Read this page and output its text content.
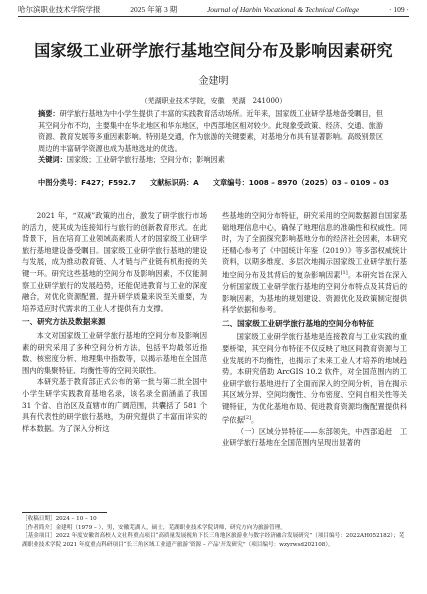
哈尔滨职业技术学院学报	2025 年第 3 期	Journal of Harbin Vocational & Technical College	· 109 ·
国家级工业研学旅行基地空间分布及影响因素研究
金建明
（芜湖职业技术学院，安徽　芜湖　241000）

摘要：研学旅行基地为中小学生提供了丰富的实践教育活动场所。近年来，国家级工业研学基地备受瞩目，但其空间分布不均，主要集中在华北地区和华东地区，中西部地区相对较少。此现象受政策、经济、交通、旅游资源、教育发展等多重因素影响。特别是交通，作为旅游的关键要素，对基地分布具有显著影响。高级别景区周边的丰富研学资源也成为基地选址的优选。

关键词：国家级；工业研学旅行基地；空间分布；影响因素

中图分类号：F427；F592.7 文献标识码：A 文章编号：1008 – 8970（2025）03 – 0109 – 03

2021 年，“双减”政策的出台，激发了研学旅行市场的活力，使其成为连接知行与旅行的创新教育形式。在此背景下，旨在培育工业领域高素质人才的国家级工业研学旅行基地建设备受瞩目。国家级工业研学旅行基地的建设与发展，成为推动教育链、人才链与产业链有机衔接的关键一环。研究这些基地的空间分布及影响因素，不仅能洞察工业研学旅行的发展趋势，还能促进教育与工业的深度融合，对优化资源配置、提升研学质量来说至关重要，为培养适应时代需求的工业人才提供有力支撑。

一、研究方法及数据来源

本文对国家级工业研学旅行基地的空间分布及影响因素的研究采用了多种空间分析方法，包括平均最邻近指数、核密度分析、地理集中指数等，以揭示基地在全国范围内的集聚特征、均衡性等的空间关联性。

本研究基于教育部正式公布的第一批与第二批全国中小学生研学实践教育基地名录，该名录全面涵盖了我国 31 个省、自治区及直辖市的广阔范围，共囊括了 581 个具有代表性的研学旅行基地，为研究提供了丰富而详实的样本数据。为了深入分析这

些基地的空间分布特征，研究采用的空间数据源自国家基础地理信息中心，确保了地理信息的准确性和权威性。同时，为了全面探究影响基地分布的经济社会因素，本研究还精心参考了《中国统计年鉴（2019）》等多部权威统计资料，以期多维度、多层次地揭示国家级工业研学旅行基地空间分布及其背后的复杂影响因素[1]。本研究旨在深入分析国家级工业研学旅行基地的空间分布特点及其背后的影响因素，为基地的规划建设、资源优化及政策制定提供科学依据和参考。

二、国家级工业研学旅行基地的空间分布特征

国家级工业研学旅行基地是连接教育与工业实践的重要桥梁，其空间分布特征不仅反映了地区间教育资源与工业发展的不均衡性，也揭示了未来工业人才培养的地域趋势。本研究借助 ArcGIS 10.2 软件，对全国范围内的工业研学旅行基地进行了全面而深入的空间分析，旨在揭示其区域分异、空间均衡性、分布密度、空间自相关性等关键特征，为优化基地布局、促进教育资源均衡配置提供科学依据[2]。

（一）区域分异特征——东部领先，中西部追赶　工业研学旅行基地在全国范围内呈现出显著的

［收稿日期］2024 – 10 – 10

［作者简介］金建明（1979 – ），男，安徽芜湖人，硕士，芜湖职业技术学院讲师，研究方向为旅游管理。

［基金项目］2022 年度安徽省高校人文社科重点项目“高质量发展视角下长三角地区旅游业与数字经济融合发展研究”（项目编号：2022AH052182）；芜湖职业技术学院 2021 年度重点科研项目“长三角区域工业遗产旅游‘资源 – 产品’开发研究”（项目编号：wzyrwsd202108）。
